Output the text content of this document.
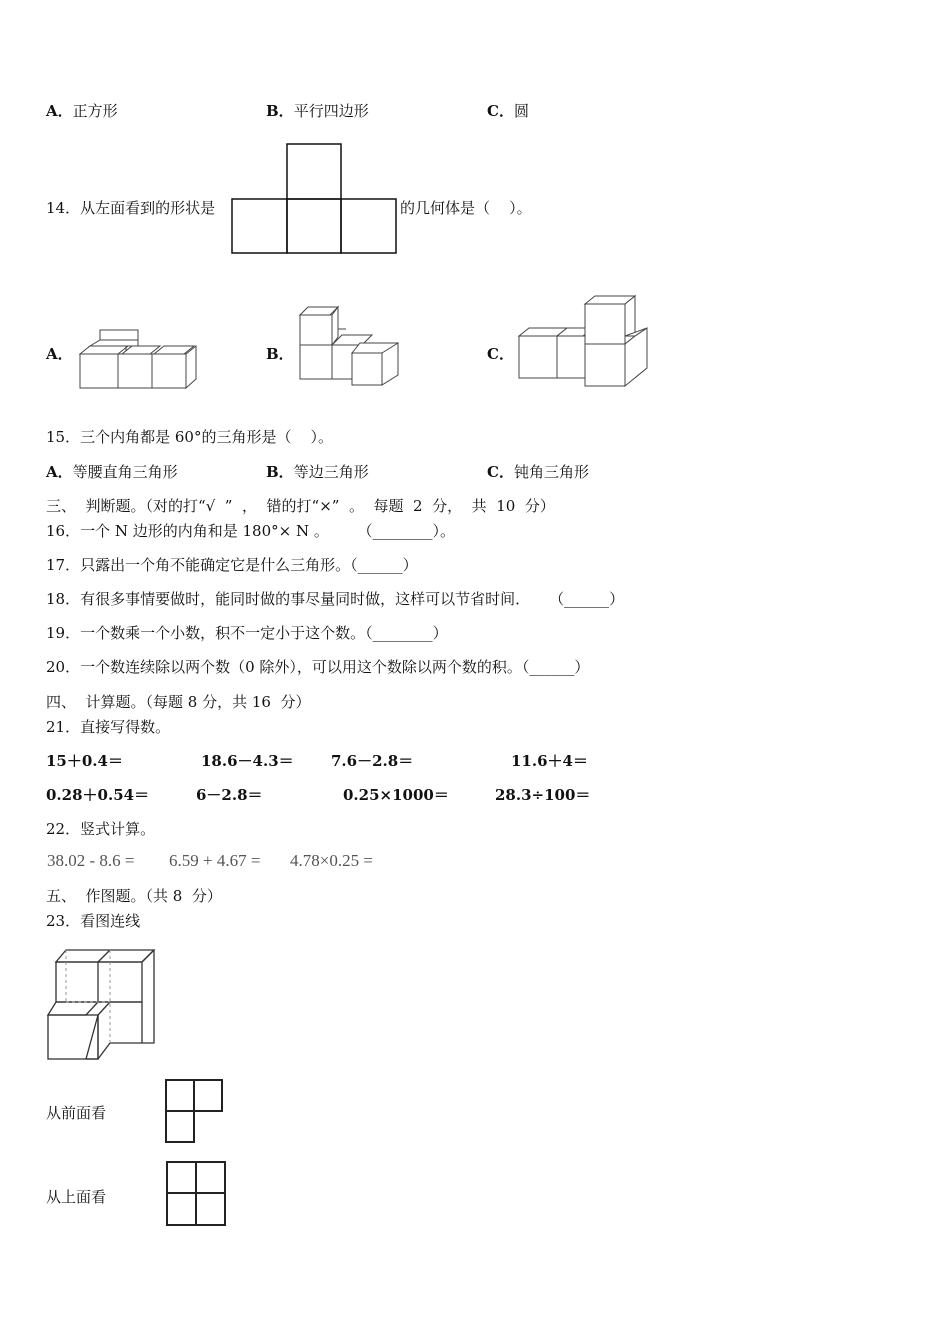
A．正方形	B．平行四边形	C．圆
14．从左面看到的形状是	的几何体是（    ）。
A．	B．	C．
15．三个内角都是 60°的三角形是（    ）。
A．等腰直角三角形	B．等边三角形	C．钝角三角形
三、  判断题。（对的打“√  ”  ，  错的打“×”  。  每题  2  分，  共  10  分）
16．一个 N 边形的内角和是 180°× N 。      （________）。
17．只露出一个角不能确定它是什么三角形。（______）
18．有很多事情要做时，能同时做的事尽量同时做，这样可以节省时间．    （______）
19．一个数乘一个小数，积不一定小于这个数。（________）
20．一个数连续除以两个数（0 除外），可以用这个数除以两个数的积。（______）
四、  计算题。（每题 8 分，共 16  分）
21．直接写得数。
15＋0.4＝	18.6－4.3＝ 7.6－2.8＝	11.6＋4＝
0.28＋0.54＝	6－2.8＝	0.25×1000＝	28.3÷100＝
22．竖式计算。
38.02 - 8.6 = 6.59 + 4.67 = 4.78×0.25 =
五、  作图题。（共 8  分）
23．看图连线
从前面看
从上面看
